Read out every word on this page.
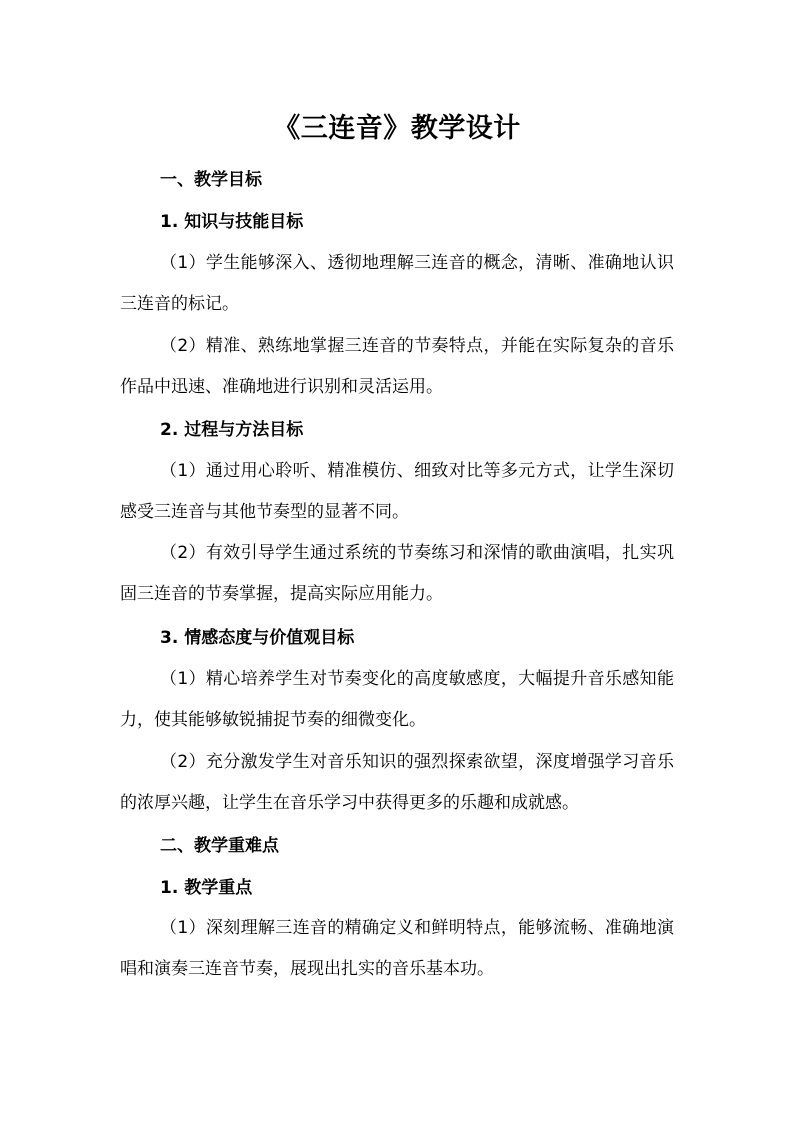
《三连音》教学设计
一、教学目标
1. 知识与技能目标

（1）学生能够深入、透彻地理解三连音的概念，清晰、准确地认识三连音的标记。

（2）精准、熟练地掌握三连音的节奏特点，并能在实际复杂的音乐作品中迅速、准确地进行识别和灵活运用。

2. 过程与方法目标

（1）通过用心聆听、精准模仿、细致对比等多元方式，让学生深切感受三连音与其他节奏型的显著不同。

（2）有效引导学生通过系统的节奏练习和深情的歌曲演唱，扎实巩固三连音的节奏掌握，提高实际应用能力。

3. 情感态度与价值观目标

（1）精心培养学生对节奏变化的高度敏感度，大幅提升音乐感知能力，使其能够敏锐捕捉节奏的细微变化。

（2）充分激发学生对音乐知识的强烈探索欲望，深度增强学习音乐的浓厚兴趣，让学生在音乐学习中获得更多的乐趣和成就感。

二、教学重难点
1. 教学重点

（1）深刻理解三连音的精确定义和鲜明特点，能够流畅、准确地演唱和演奏三连音节奏，展现出扎实的音乐基本功。
